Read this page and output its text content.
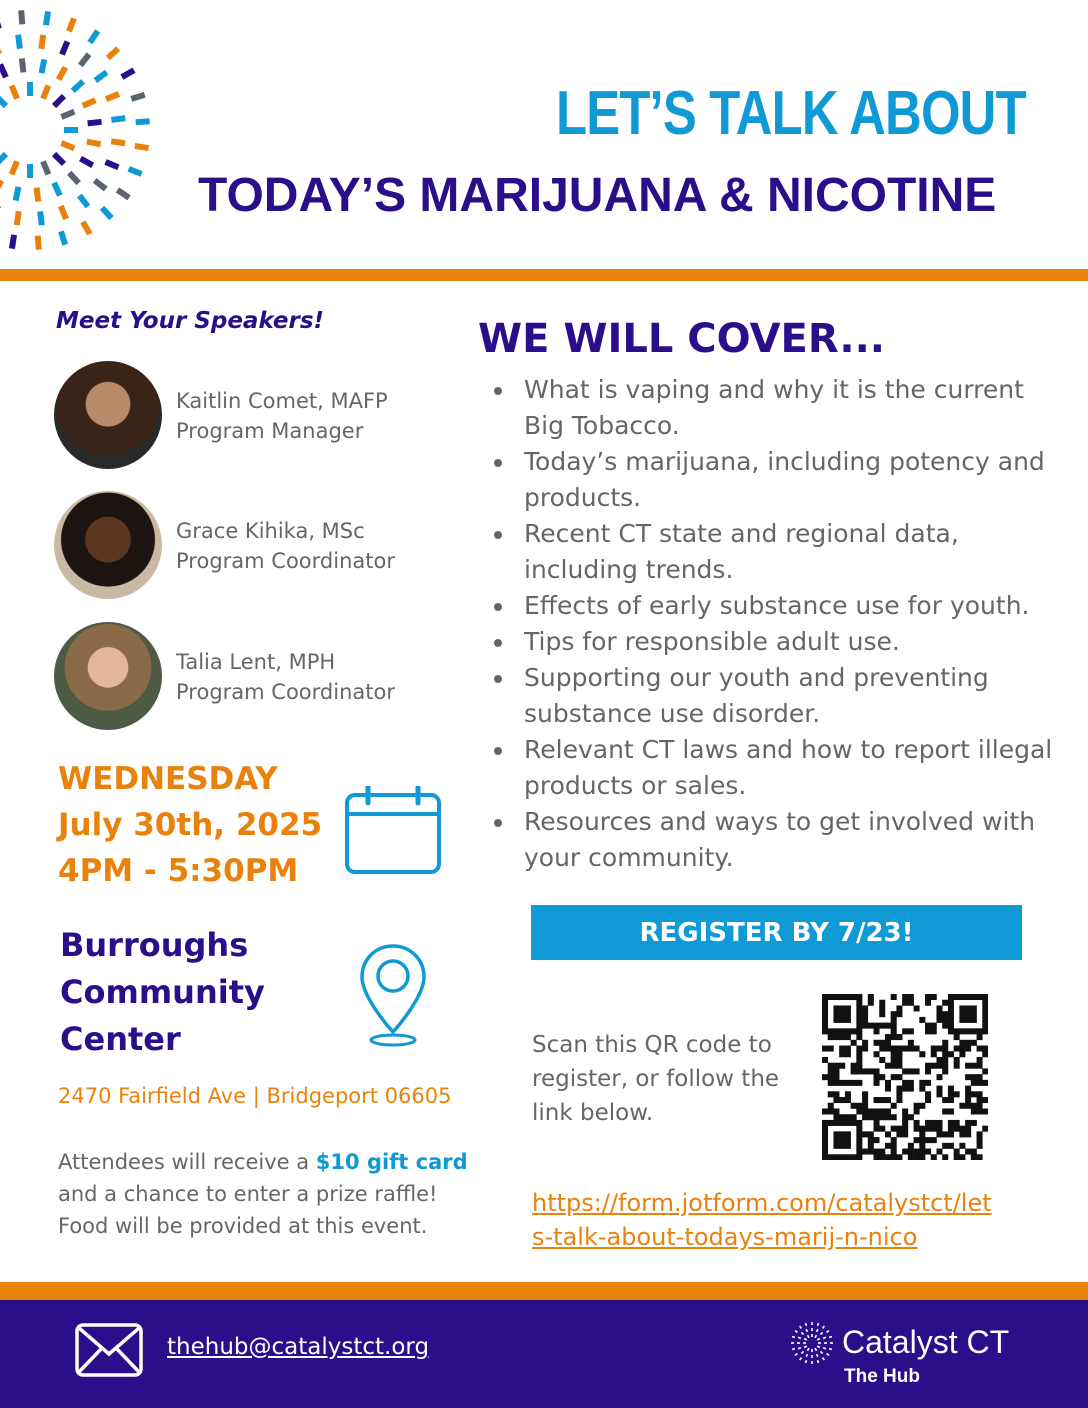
LET’S TALK ABOUT
TODAY’S MARIJUANA & NICOTINE
Meet Your Speakers!
Kaitlin Comet, MAFP
Program Manager
Grace Kihika, MSc
Program Coordinator
Talia Lent, MPH
Program Coordinator
WEDNESDAY
July 30th, 2025
4PM - 5:30PM
Burroughs
Community
Center
2470 Fairfield Ave | Bridgeport 06605
Attendees will receive a $10 gift card and a chance to enter a prize raffle! Food will be provided at this event.
WE WILL COVER...
What is vaping and why it is the current Big Tobacco.
Today’s marijuana, including potency and products.
Recent CT state and regional data, including trends.
Effects of early substance use for youth.
Tips for responsible adult use.
Supporting our youth and preventing substance use disorder.
Relevant CT laws and how to report illegal products or sales.
Resources and ways to get involved with your community.
REGISTER BY 7/23!
Scan this QR code to register, or follow the link below.
https://form.jotform.com/catalystct/lets-talk-about-todays-marij-n-nico
thehub@catalystct.org	Catalyst CT
The Hub
